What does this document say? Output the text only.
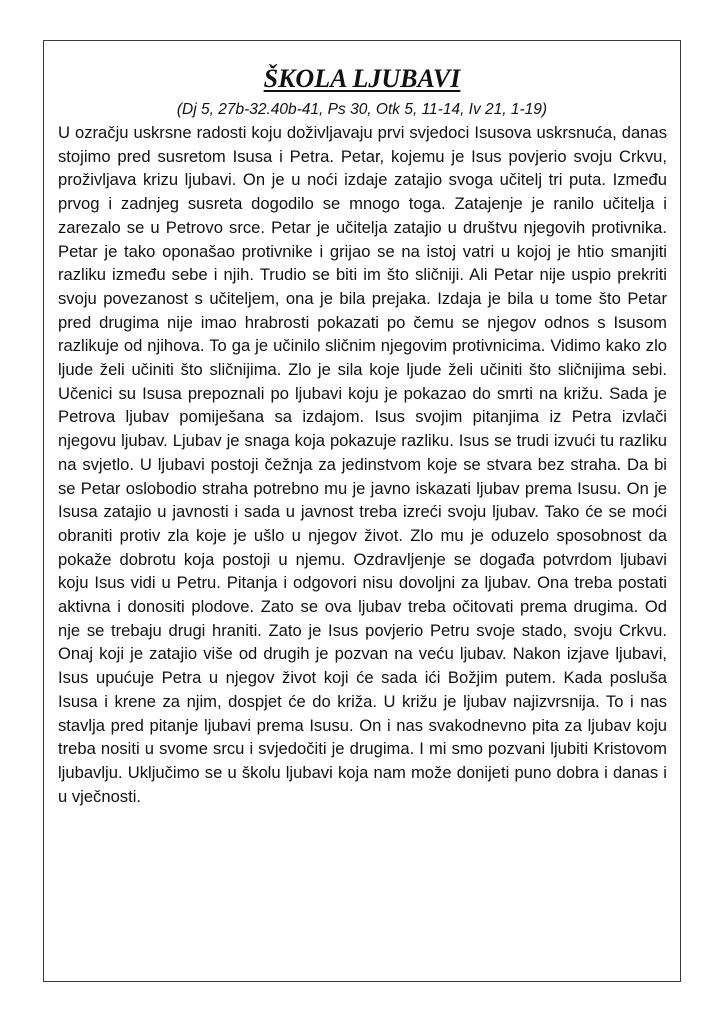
ŠKOLA LJUBAVI

(Dj 5, 27b-32.40b-41, Ps 30, Otk 5, 11-14, Iv 21, 1-19)

U ozračju uskrsne radosti koju doživljavaju prvi svjedoci Isusova uskrsnuća, danas stojimo pred susretom Isusa i Petra. Petar, kojemu je Isus povjerio svoju Crkvu, proživljava krizu ljubavi. On je u noći izdaje zatajio svoga učitelj tri puta. Između prvog i zadnjeg susreta dogodilo se mnogo toga. Zatajenje je ranilo učitelja i zarezalo se u Petrovo srce. Petar je učitelja zatajio u društvu njegovih protivnika. Petar je tako oponašao protivnike i grijao se na istoj vatri u kojoj je htio smanjiti razliku između sebe i njih. Trudio se biti im što sličniji. Ali Petar nije uspio prekriti svoju povezanost s učiteljem, ona je bila prejaka. Izdaja je bila u tome što Petar pred drugima nije imao hrabrosti pokazati po čemu se njegov odnos s Isusom razlikuje od njihova. To ga je učinilo sličnim njegovim protivnicima. Vidimo kako zlo ljude želi učiniti što sličnijima. Zlo je sila koje ljude želi učiniti što sličnijima sebi. Učenici su Isusa prepoznali po ljubavi koju je pokazao do smrti na križu. Sada je Petrova ljubav pomiješana sa izdajom. Isus svojim pitanjima iz Petra izvlači njegovu ljubav. Ljubav je snaga koja pokazuje razliku. Isus se trudi izvući tu razliku na svjetlo. U ljubavi postoji čežnja za jedinstvom koje se stvara bez straha. Da bi se Petar oslobodio straha potrebno mu je javno iskazati ljubav prema Isusu. On je Isusa zatajio u javnosti i sada u javnost treba izreći svoju ljubav. Tako će se moći obraniti protiv zla koje je ušlo u njegov život. Zlo mu je oduzelo sposobnost da pokaže dobrotu koja postoji u njemu. Ozdravljenje se događa potvrdom ljubavi koju Isus vidi u Petru. Pitanja i odgovori nisu dovoljni za ljubav. Ona treba postati aktivna i donositi plodove. Zato se ova ljubav treba očitovati prema drugima. Od nje se trebaju drugi hraniti. Zato je Isus povjerio Petru svoje stado, svoju Crkvu. Onaj koji je zatajio više od drugih je pozvan na veću ljubav. Nakon izjave ljubavi, Isus upućuje Petra u njegov život koji će sada ići Božjim putem. Kada posluša Isusa i krene za njim, dospjet će do križa. U križu je ljubav najizvrsnija. To i nas stavlja pred pitanje ljubavi prema Isusu. On i nas svakodnevno pita za ljubav koju treba nositi u svome srcu i svjedočiti je drugima. I mi smo pozvani ljubiti Kristovom ljubavlju. Uključimo se u školu ljubavi koja nam može donijeti puno dobra i danas i u vječnosti.
